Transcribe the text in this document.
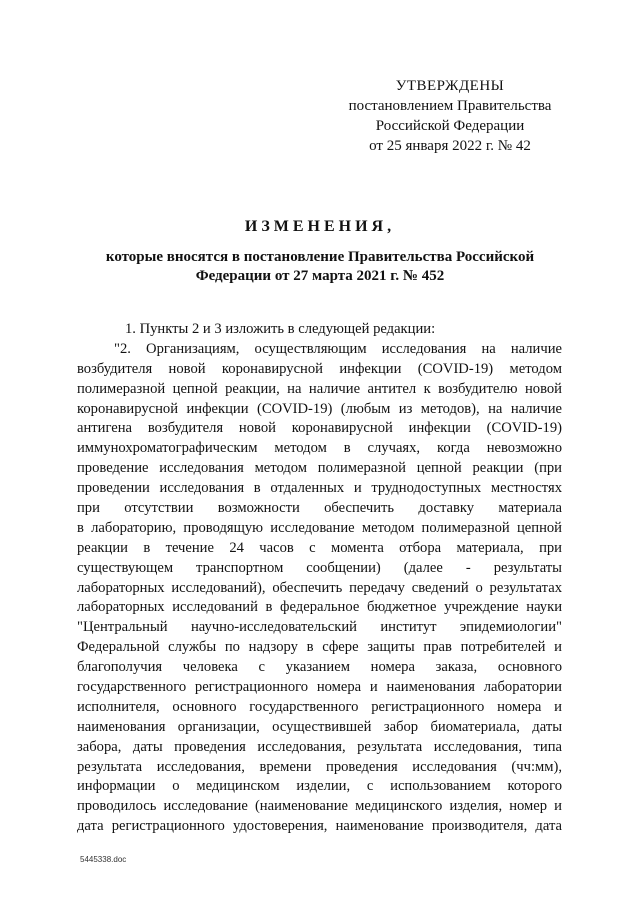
УТВЕРЖДЕНЫ
постановлением Правительства
Российской Федерации
от 25 января 2022 г. № 42
ИЗМЕНЕНИЯ,
которые вносятся в постановление Правительства Российской
Федерации от 27 марта 2021 г. № 452
1. Пункты 2 и 3 изложить в следующей редакции:
"2. Организациям, осуществляющим исследования на наличие
возбудителя новой коронавирусной инфекции (COVID-19) методом
полимеразной цепной реакции, на наличие антител к возбудителю новой
коронавирусной инфекции (COVID-19) (любым из методов), на наличие
антигена возбудителя новой коронавирусной инфекции (COVID-19)
иммунохроматографическим методом в случаях, когда невозможно
проведение исследования методом полимеразной цепной реакции (при
проведении исследования в отдаленных и труднодоступных местностях
при отсутствии возможности обеспечить доставку материала
в лабораторию, проводящую исследование методом полимеразной цепной
реакции в течение 24 часов с момента отбора материала, при
существующем транспортном сообщении) (далее - результаты
лабораторных исследований), обеспечить передачу сведений о результатах
лабораторных исследований в федеральное бюджетное учреждение науки
"Центральный научно-исследовательский институт эпидемиологии"
Федеральной службы по надзору в сфере защиты прав потребителей и
благополучия человека с указанием номера заказа, основного
государственного регистрационного номера и наименования лаборатории
исполнителя, основного государственного регистрационного номера и
наименования организации, осуществившей забор биоматериала, даты
забора, даты проведения исследования, результата исследования, типа
результата исследования, времени проведения исследования (чч:мм),
информации о медицинском изделии, с использованием которого
проводилось исследование (наименование медицинского изделия, номер и
дата регистрационного удостоверения, наименование производителя, дата
5445338.doc
